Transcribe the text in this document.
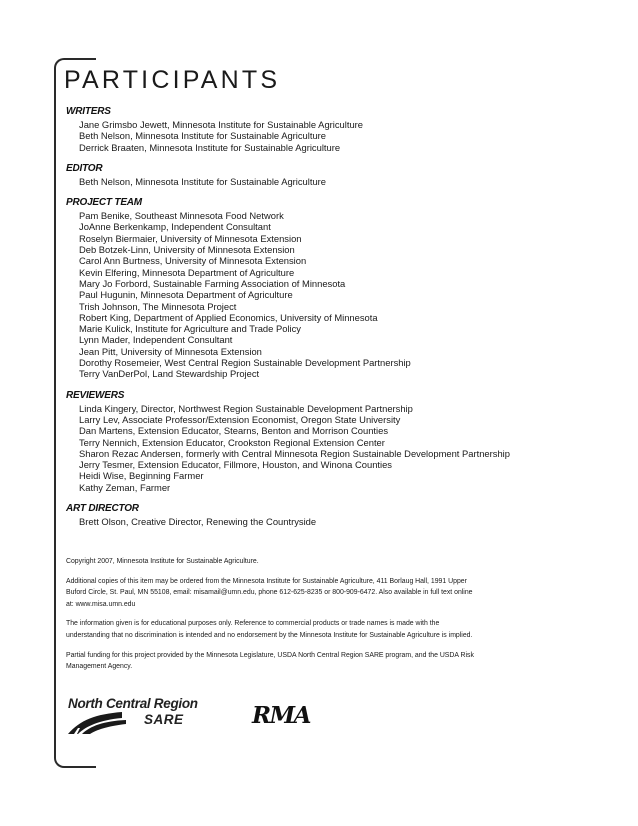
PARTICIPANTS
WRITERS
Jane Grimsbo Jewett, Minnesota Institute for Sustainable Agriculture
Beth Nelson, Minnesota Institute for Sustainable Agriculture
Derrick Braaten, Minnesota Institute for Sustainable Agriculture
EDITOR
Beth Nelson, Minnesota Institute for Sustainable Agriculture
PROJECT TEAM
Pam Benike, Southeast Minnesota Food Network
JoAnne Berkenkamp, Independent Consultant
Roselyn Biermaier, University of Minnesota Extension
Deb Botzek-Linn, University of Minnesota Extension
Carol Ann Burtness, University of Minnesota Extension
Kevin Elfering, Minnesota Department of Agriculture
Mary Jo Forbord, Sustainable Farming Association of Minnesota
Paul Hugunin, Minnesota Department of Agriculture
Trish Johnson, The Minnesota Project
Robert King, Department of Applied Economics, University of Minnesota
Marie Kulick, Institute for Agriculture and Trade Policy
Lynn Mader, Independent Consultant
Jean Pitt, University of Minnesota Extension
Dorothy Rosemeier, West Central Region Sustainable Development Partnership
Terry VanDerPol, Land Stewardship Project
REVIEWERS
Linda Kingery, Director, Northwest Region Sustainable Development Partnership
Larry Lev, Associate Professor/Extension Economist, Oregon State University
Dan Martens, Extension Educator, Stearns, Benton and Morrison Counties
Terry Nennich, Extension Educator, Crookston Regional Extension Center
Sharon Rezac Andersen, formerly with Central Minnesota Region Sustainable Development Partnership
Jerry Tesmer, Extension Educator, Fillmore, Houston, and Winona Counties
Heidi Wise, Beginning Farmer
Kathy Zeman, Farmer
ART DIRECTOR
Brett Olson, Creative Director, Renewing the Countryside

Copyright 2007, Minnesota Institute for Sustainable Agriculture.

Additional copies of this item may be ordered from the Minnesota Institute for Sustainable Agriculture, 411 Borlaug Hall, 1991 Upper Buford Circle, St. Paul, MN 55108, email: misamail@umn.edu, phone 612-625-8235 or 800-909-6472. Also available in full text online at: www.misa.umn.edu

The information given is for educational purposes only. Reference to commercial products or trade names is made with the understanding that no discrimination is intended and no endorsement by the Minnesota Institute for Sustainable Agriculture is implied.

Partial funding for this project provided by the Minnesota Legislature, USDA North Central Region SARE program, and the USDA Risk Management Agency.

North Central Region
SARE	RMA
